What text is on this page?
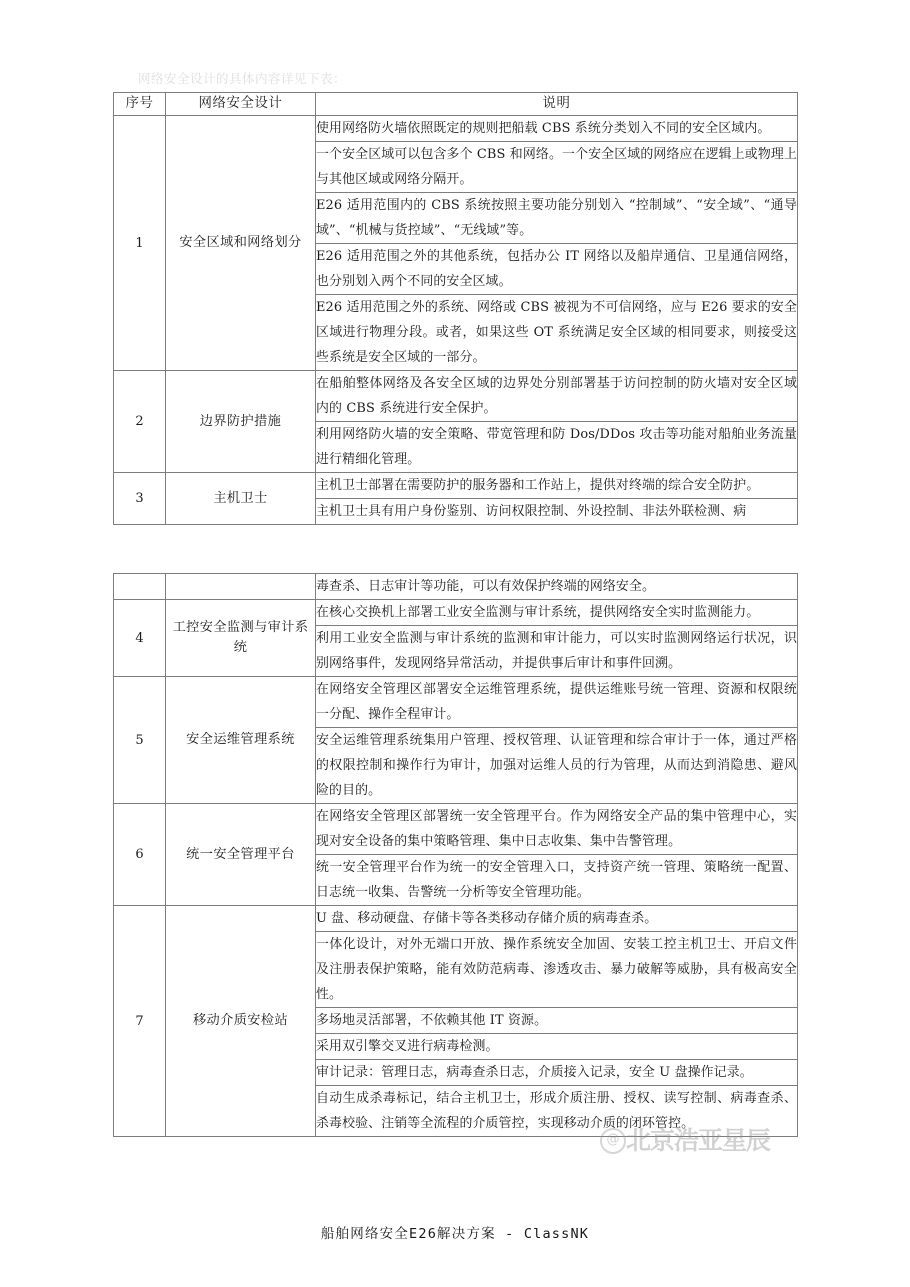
网络安全设计的具体内容详见下表：
序号	网络安全设计	说明
1	安全区域和网络划分	使用网络防火墙依照既定的规则把船载 CBS 系统分类划入不同的安全区域内。
		一个安全区域可以包含多个 CBS 和网络。一个安全区域的网络应在逻辑上或物理上与其他区域或网络分隔开。
		E26 适用范围内的 CBS 系统按照主要功能分别划入 “控制域”、“安全域”、“通导域”、“机械与货控域”、“无线域”等。
		E26 适用范围之外的其他系统，包括办公 IT 网络以及船岸通信、卫星通信网络，也分别划入两个不同的安全区域。
		E26 适用范围之外的系统、网络或 CBS 被视为不可信网络，应与 E26 要求的安全区域进行物理分段。或者，如果这些 OT 系统满足安全区域的相同要求，则接受这些系统是安全区域的一部分。
2	边界防护措施	在船舶整体网络及各安全区域的边界处分别部署基于访问控制的防火墙对安全区域内的 CBS 系统进行安全保护。
		利用网络防火墙的安全策略、带宽管理和防 Dos/DDos 攻击等功能对船舶业务流量进行精细化管理。
3	主机卫士	主机卫士部署在需要防护的服务器和工作站上，提供对终端的综合安全防护。
		主机卫士具有用户身份鉴别、访问权限控制、外设控制、非法外联检测、病
		毒查杀、日志审计等功能，可以有效保护终端的网络安全。
4	工控安全监测与审计系统	在核心交换机上部署工业安全监测与审计系统，提供网络安全实时监测能力。
		利用工业安全监测与审计系统的监测和审计能力，可以实时监测网络运行状况，识别网络事件，发现网络异常活动，并提供事后审计和事件回溯。
5	安全运维管理系统	在网络安全管理区部署安全运维管理系统，提供运维账号统一管理、资源和权限统一分配、操作全程审计。
		安全运维管理系统集用户管理、授权管理、认证管理和综合审计于一体，通过严格的权限控制和操作行为审计，加强对运维人员的行为管理，从而达到消隐患、避风险的目的。
6	统一安全管理平台	在网络安全管理区部署统一安全管理平台。作为网络安全产品的集中管理中心，实现对安全设备的集中策略管理、集中日志收集、集中告警管理。
		统一安全管理平台作为统一的安全管理入口，支持资产统一管理、策略统一配置、日志统一收集、告警统一分析等安全管理功能。
7	移动介质安检站	U 盘、移动硬盘、存储卡等各类移动存储介质的病毒查杀。
		一体化设计，对外无端口开放、操作系统安全加固、安装工控主机卫士、开启文件及注册表保护策略，能有效防范病毒、渗透攻击、暴力破解等威胁，具有极高安全性。
		多场地灵活部署，不依赖其他 IT 资源。
		采用双引擎交叉进行病毒检测。
		审计记录：管理日志，病毒查杀日志，介质接入记录，安全 U 盘操作记录。
		自动生成杀毒标记，结合主机卫士，形成介质注册、授权、读写控制、病毒查杀、杀毒校验、注销等全流程的介质管控，实现移动介质的闭环管控。
@ 北京浩亚星辰
船舶网络安全E26解决方案 - ClassNK
